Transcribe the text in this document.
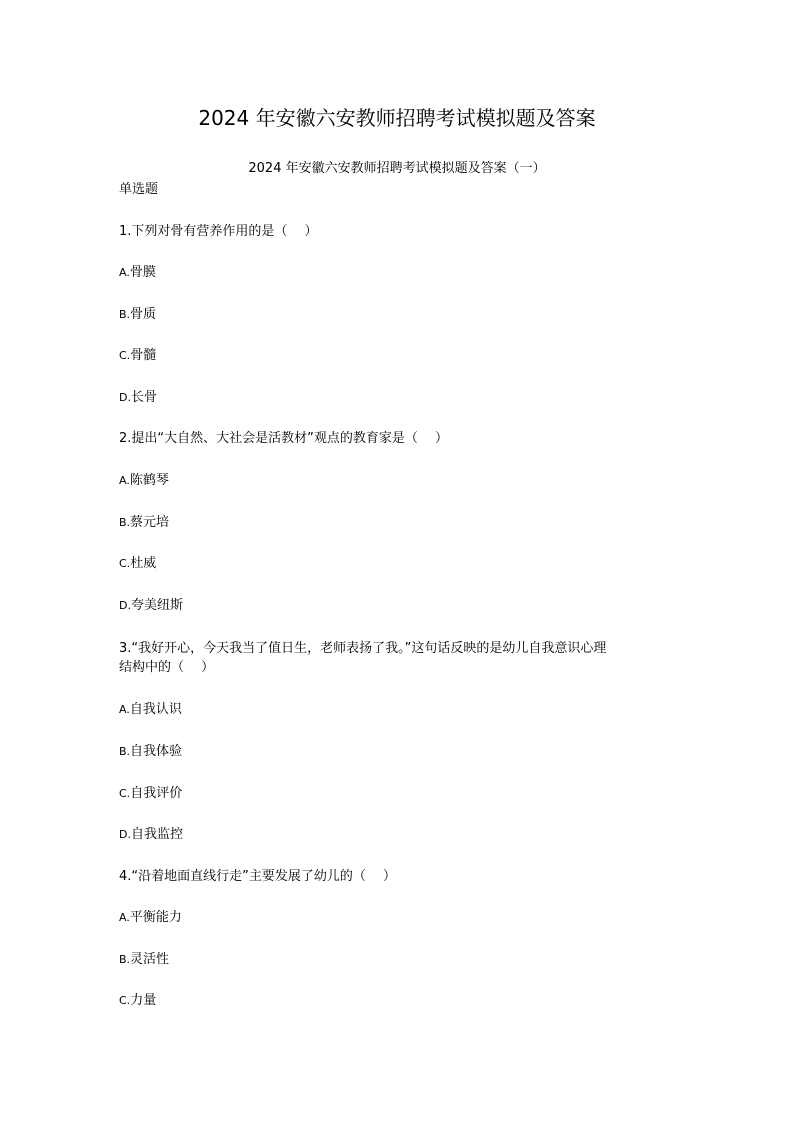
2024 年安徽六安教师招聘考试模拟题及答案
2024 年安徽六安教师招聘考试模拟题及答案（一）
单选题
1.下列对骨有营养作用的是（　 ）
A.骨膜
B.骨质
C.骨髓
D.长骨
2.提出“大自然、大社会是活教材”观点的教育家是（　 ）
A.陈鹤琴
B.蔡元培
C.杜威
D.夸美纽斯
3.“我好开心，今天我当了值日生，老师表扬了我。”这句话反映的是幼儿自我意识心理
结构中的（　 ）
A.自我认识
B.自我体验
C.自我评价
D.自我监控
4.“沿着地面直线行走”主要发展了幼儿的（　 ）
A.平衡能力
B.灵活性
C.力量
